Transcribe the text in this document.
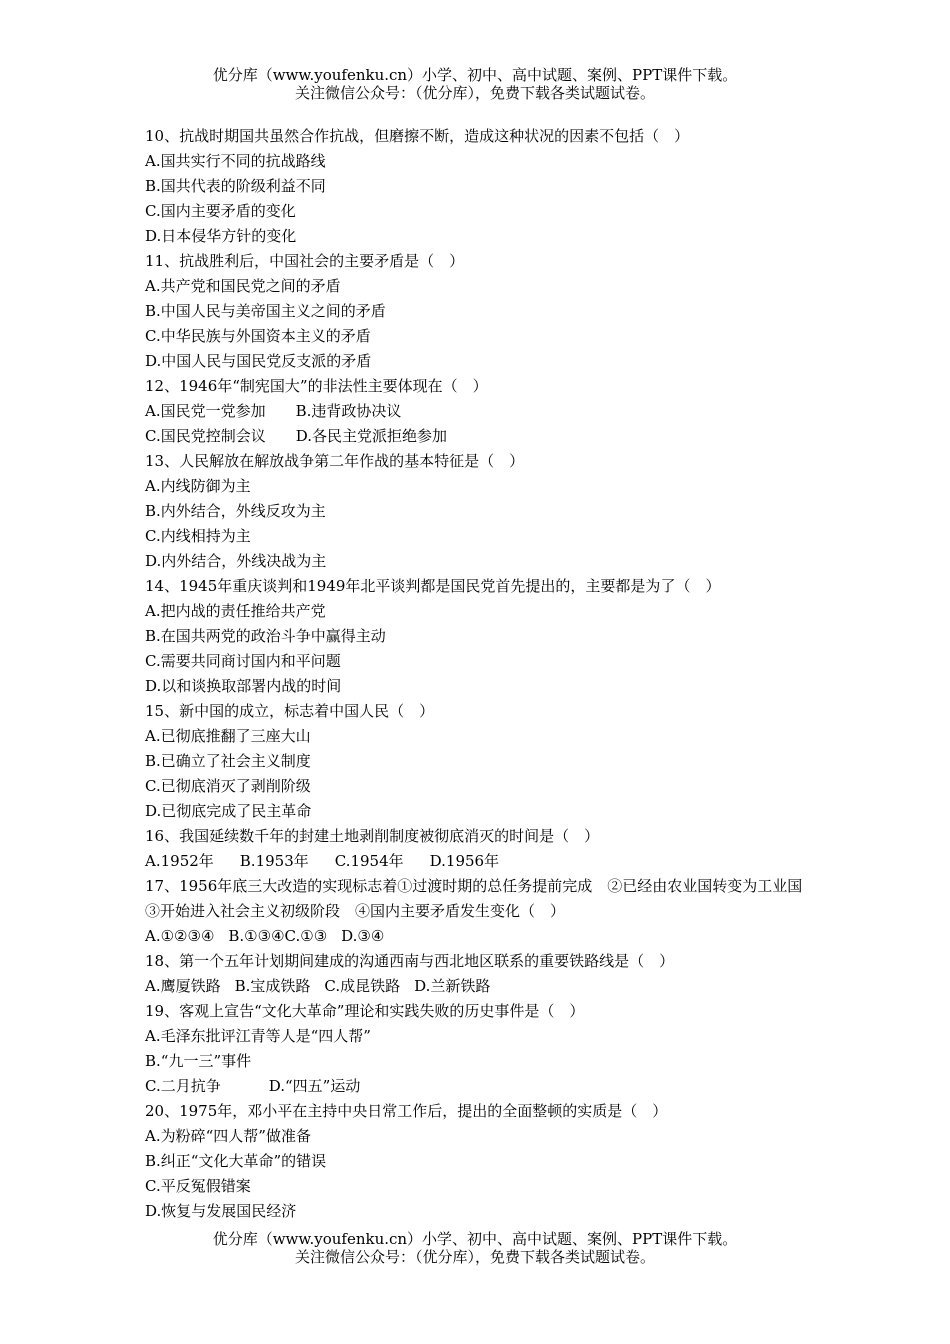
优分库（www.youfenku.cn）小学、初中、高中试题、案例、PPT课件下载。
关注微信公众号：（优分库），免费下载各类试题试卷。
10、抗战时期国共虽然合作抗战，但磨擦不断，造成这种状况的因素不包括（　）
A.国共实行不同的抗战路线
B.国共代表的阶级利益不同
C.国内主要矛盾的变化
D.日本侵华方针的变化
11、抗战胜利后，中国社会的主要矛盾是（　）
A.共产党和国民党之间的矛盾
B.中国人民与美帝国主义之间的矛盾
C.中华民族与外国资本主义的矛盾
D.中国人民与国民党反支派的矛盾
12、1946年“制宪国大”的非法性主要体现在（　）
A.国民党一党参加 B.违背政协决议
C.国民党控制会议 D.各民主党派拒绝参加
13、人民解放在解放战争第二年作战的基本特征是（　）
A.内线防御为主
B.内外结合，外线反攻为主
C.内线相持为主
D.内外结合，外线决战为主
14、1945年重庆谈判和1949年北平谈判都是国民党首先提出的，主要都是为了（　）
A.把内战的责任推给共产党
B.在国共两党的政治斗争中赢得主动
C.需要共同商讨国内和平问题
D.以和谈换取部署内战的时间
15、新中国的成立，标志着中国人民（　）
A.已彻底推翻了三座大山
B.已确立了社会主义制度
C.已彻底消灭了剥削阶级
D.已彻底完成了民主革命
16、我国延续数千年的封建土地剥削制度被彻底消灭的时间是（　）
A.1952年 B.1953年 C.1954年 D.1956年
17、1956年底三大改造的实现标志着①过渡时期的总任务提前完成　②已经由农业国转变为工业国　③开始进入社会主义初级阶段　④国内主要矛盾发生变化（　）
A.①②③④ B.①③④C.①③ D.③④
18、第一个五年计划期间建成的沟通西南与西北地区联系的重要铁路线是（　）
A.鹰厦铁路 B.宝成铁路 C.成昆铁路 D.兰新铁路
19、客观上宣告“文化大革命”理论和实践失败的历史事件是（　）
A.毛泽东批评江青等人是“四人帮”
B.“九一三”事件
C.二月抗争	D.“四五”运动
20、1975年，邓小平在主持中央日常工作后，提出的全面整顿的实质是（　）
A.为粉碎“四人帮”做准备
B.纠正“文化大革命”的错误
C.平反冤假错案
D.恢复与发展国民经济
优分库（www.youfenku.cn）小学、初中、高中试题、案例、PPT课件下载。
关注微信公众号：（优分库），免费下载各类试题试卷。
